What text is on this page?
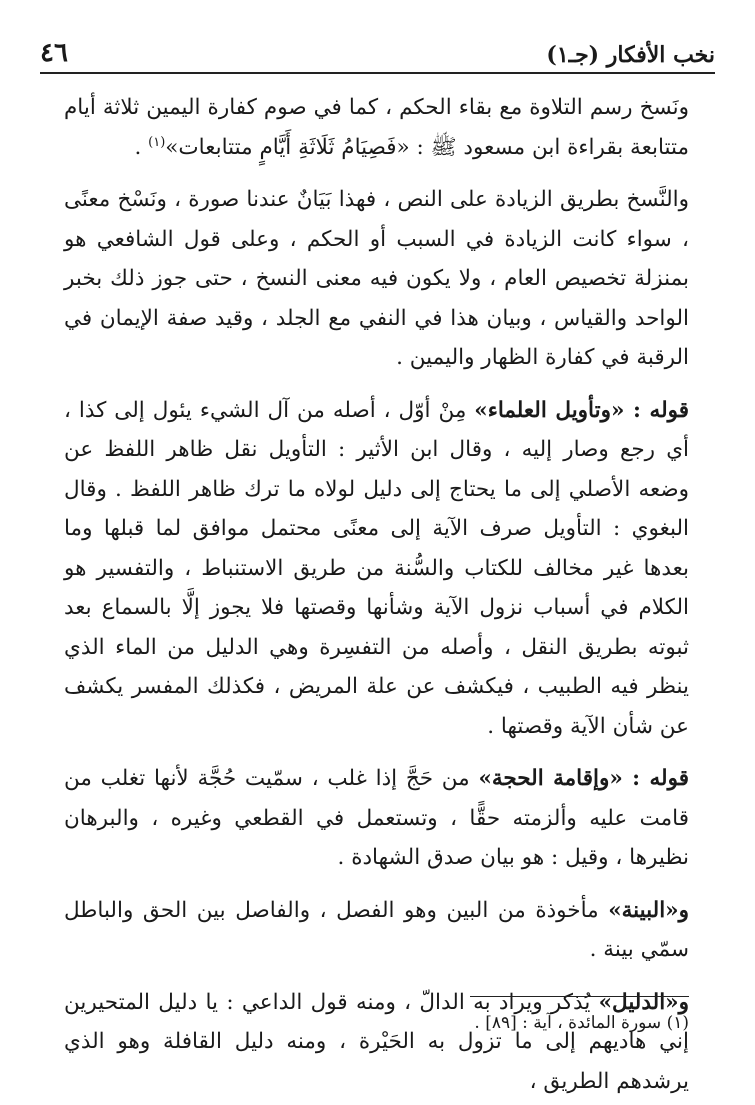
٤٦	نخب الأفكار (جـ١)

ونَسخ رسم التلاوة مع بقاء الحكم ، كما في صوم كفارة اليمين ثلاثة أيام متتابعة بقراءة ابن مسعود ﷺ : «فَصِيَامُ ثَلَاثَةِ أَيَّامٍ متتابعات»$^{(١)}$ .

والنَّسخ بطريق الزيادة على النص ، فهذا بَيَانٌ عندنا صورة ، ونَسْخ معنًى ، سواء كانت الزيادة في السبب أو الحكم ، وعلى قول الشافعي هو بمنزلة تخصيص العام ، ولا يكون فيه معنى النسخ ، حتى جوز ذلك بخبر الواحد والقياس ، وبيان هذا في النفي مع الجلد ، وقيد صفة الإيمان في الرقبة في كفارة الظهار واليمين .

قوله : «وتأويل العلماء» مِنْ أوّل ، أصله من آل الشيء يئول إلى كذا ، أي رجع وصار إليه ، وقال ابن الأثير : التأويل نقل ظاهر اللفظ عن وضعه الأصلي إلى ما يحتاج إلى دليل لولاه ما ترك ظاهر اللفظ . وقال البغوي : التأويل صرف الآية إلى معنًى محتمل موافق لما قبلها وما بعدها غير مخالف للكتاب والسُّنة من طريق الاستنباط ، والتفسير هو الكلام في أسباب نزول الآية وشأنها وقصتها فلا يجوز إلَّا بالسماع بعد ثبوته بطريق النقل ، وأصله من التفسِرة وهي الدليل من الماء الذي ينظر فيه الطبيب ، فيكشف عن علة المريض ، فكذلك المفسر يكشف عن شأن الآية وقصتها .

قوله : «وإقامة الحجة» من حَجَّ إذا غلب ، سمّيت حُجَّة لأنها تغلب من قامت عليه وألزمته حقًّا ، وتستعمل في القطعي وغيره ، والبرهان نظيرها ، وقيل : هو بيان صدق الشهادة .

و«البينة» مأخوذة من البين وهو الفصل ، والفاصل بين الحق والباطل سمّي بينة .

و«الدليل» يُذكر ويراد به الدالّ ، ومنه قول الداعي : يا دليل المتحيرين إني هاديهم إلى ما تزول به الحَيْرة ، ومنه دليل القافلة وهو الذي يرشدهم الطريق ،

(١) سورة المائدة ، آية : [٨٩] .
